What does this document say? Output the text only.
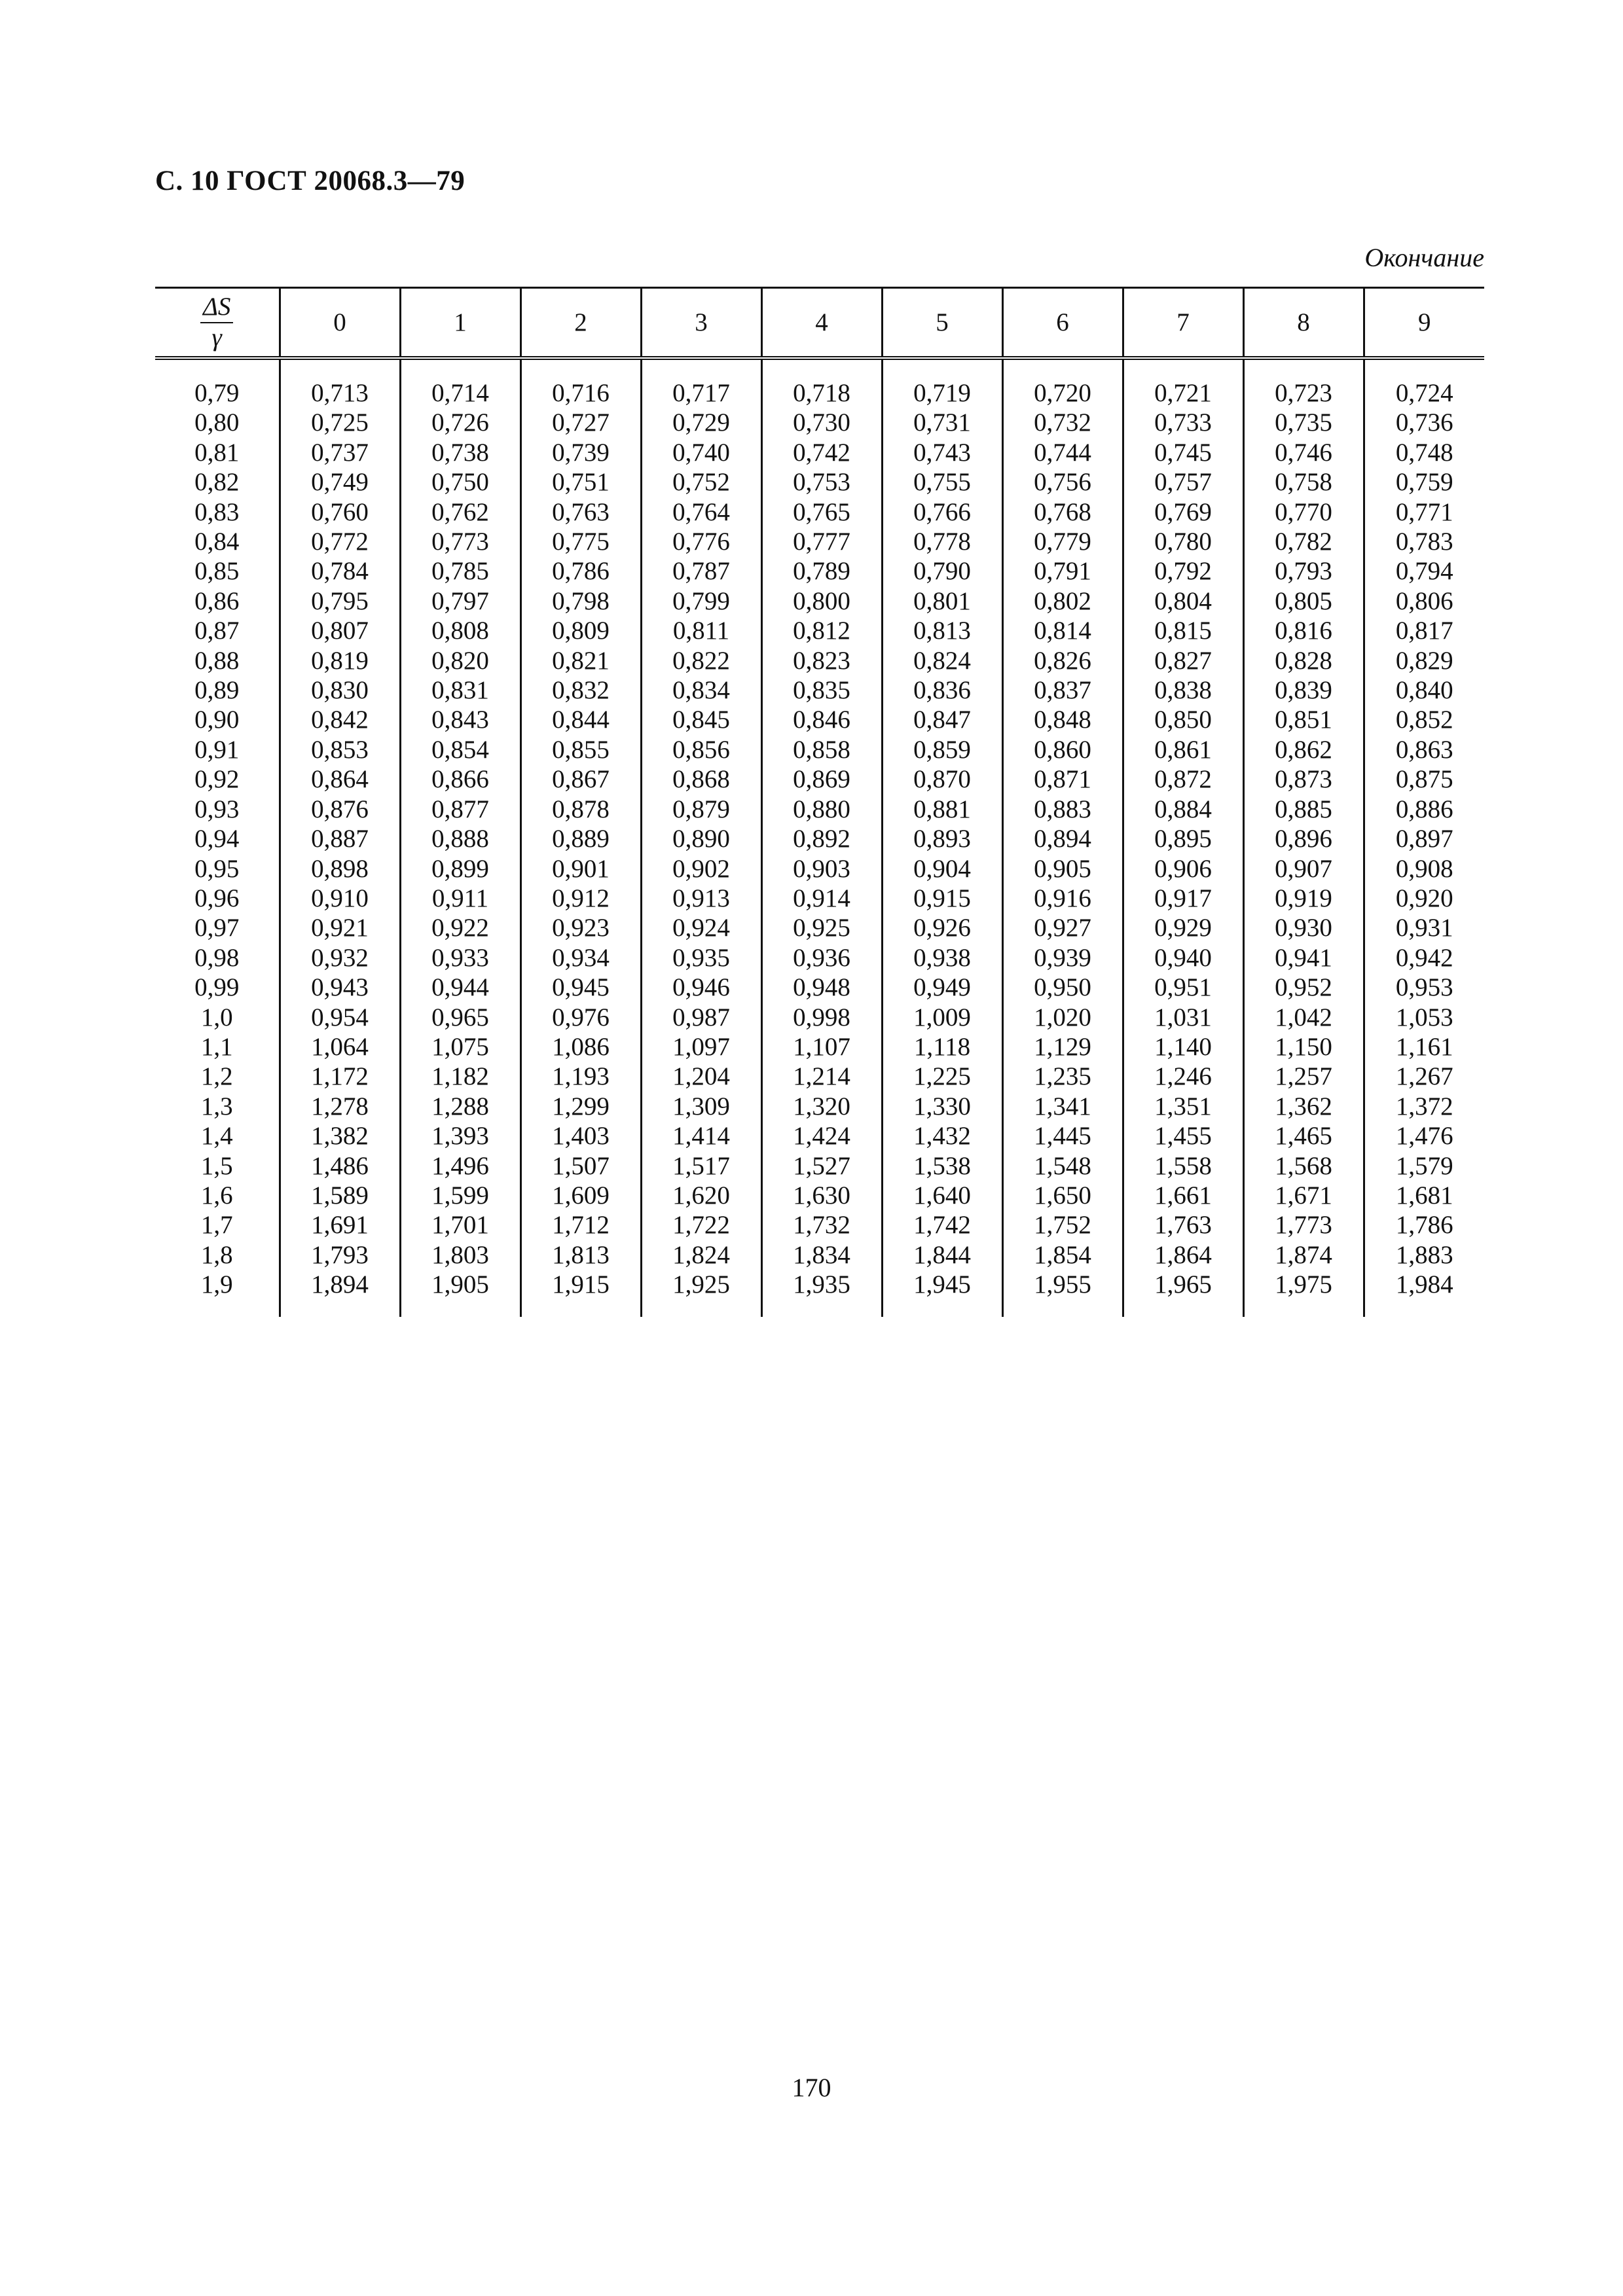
С. 10 ГОСТ 20068.3—79
Окончание
$\frac{\Delta S}{\gamma}$	0	1	2	3	4	5	6	7	8	9
0,79	0,713	0,714	0,716	0,717	0,718	0,719	0,720	0,721	0,723	0,724
0,80	0,725	0,726	0,727	0,729	0,730	0,731	0,732	0,733	0,735	0,736
0,81	0,737	0,738	0,739	0,740	0,742	0,743	0,744	0,745	0,746	0,748
0,82	0,749	0,750	0,751	0,752	0,753	0,755	0,756	0,757	0,758	0,759
0,83	0,760	0,762	0,763	0,764	0,765	0,766	0,768	0,769	0,770	0,771
0,84	0,772	0,773	0,775	0,776	0,777	0,778	0,779	0,780	0,782	0,783
0,85	0,784	0,785	0,786	0,787	0,789	0,790	0,791	0,792	0,793	0,794
0,86	0,795	0,797	0,798	0,799	0,800	0,801	0,802	0,804	0,805	0,806
0,87	0,807	0,808	0,809	0,811	0,812	0,813	0,814	0,815	0,816	0,817
0,88	0,819	0,820	0,821	0,822	0,823	0,824	0,826	0,827	0,828	0,829
0,89	0,830	0,831	0,832	0,834	0,835	0,836	0,837	0,838	0,839	0,840
0,90	0,842	0,843	0,844	0,845	0,846	0,847	0,848	0,850	0,851	0,852
0,91	0,853	0,854	0,855	0,856	0,858	0,859	0,860	0,861	0,862	0,863
0,92	0,864	0,866	0,867	0,868	0,869	0,870	0,871	0,872	0,873	0,875
0,93	0,876	0,877	0,878	0,879	0,880	0,881	0,883	0,884	0,885	0,886
0,94	0,887	0,888	0,889	0,890	0,892	0,893	0,894	0,895	0,896	0,897
0,95	0,898	0,899	0,901	0,902	0,903	0,904	0,905	0,906	0,907	0,908
0,96	0,910	0,911	0,912	0,913	0,914	0,915	0,916	0,917	0,919	0,920
0,97	0,921	0,922	0,923	0,924	0,925	0,926	0,927	0,929	0,930	0,931
0,98	0,932	0,933	0,934	0,935	0,936	0,938	0,939	0,940	0,941	0,942
0,99	0,943	0,944	0,945	0,946	0,948	0,949	0,950	0,951	0,952	0,953
1,0	0,954	0,965	0,976	0,987	0,998	1,009	1,020	1,031	1,042	1,053
1,1	1,064	1,075	1,086	1,097	1,107	1,118	1,129	1,140	1,150	1,161
1,2	1,172	1,182	1,193	1,204	1,214	1,225	1,235	1,246	1,257	1,267
1,3	1,278	1,288	1,299	1,309	1,320	1,330	1,341	1,351	1,362	1,372
1,4	1,382	1,393	1,403	1,414	1,424	1,432	1,445	1,455	1,465	1,476
1,5	1,486	1,496	1,507	1,517	1,527	1,538	1,548	1,558	1,568	1,579
1,6	1,589	1,599	1,609	1,620	1,630	1,640	1,650	1,661	1,671	1,681
1,7	1,691	1,701	1,712	1,722	1,732	1,742	1,752	1,763	1,773	1,786
1,8	1,793	1,803	1,813	1,824	1,834	1,844	1,854	1,864	1,874	1,883
1,9	1,894	1,905	1,915	1,925	1,935	1,945	1,955	1,965	1,975	1,984
170
